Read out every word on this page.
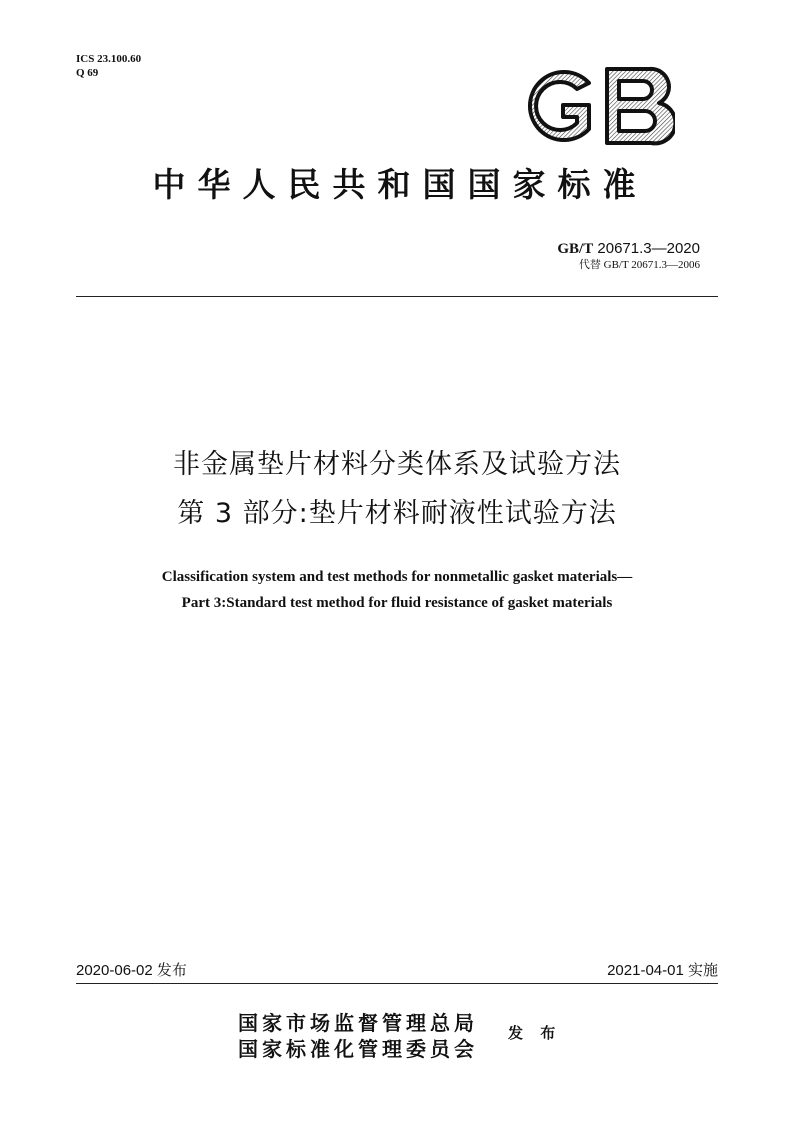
ICS 23.100.60
Q 69
中华人民共和国国家标准
GB/T 20671.3—2020
代替 GB/T 20671.3—2006
非金属垫片材料分类体系及试验方法
第 3 部分:垫片材料耐液性试验方法
Classification system and test methods for nonmetallic gasket materials—
Part 3:Standard test method for fluid resistance of gasket materials
2020-06-02 发布	2021-04-01 实施
国家市场监督管理总局
国家标准化管理委员会
发 布
